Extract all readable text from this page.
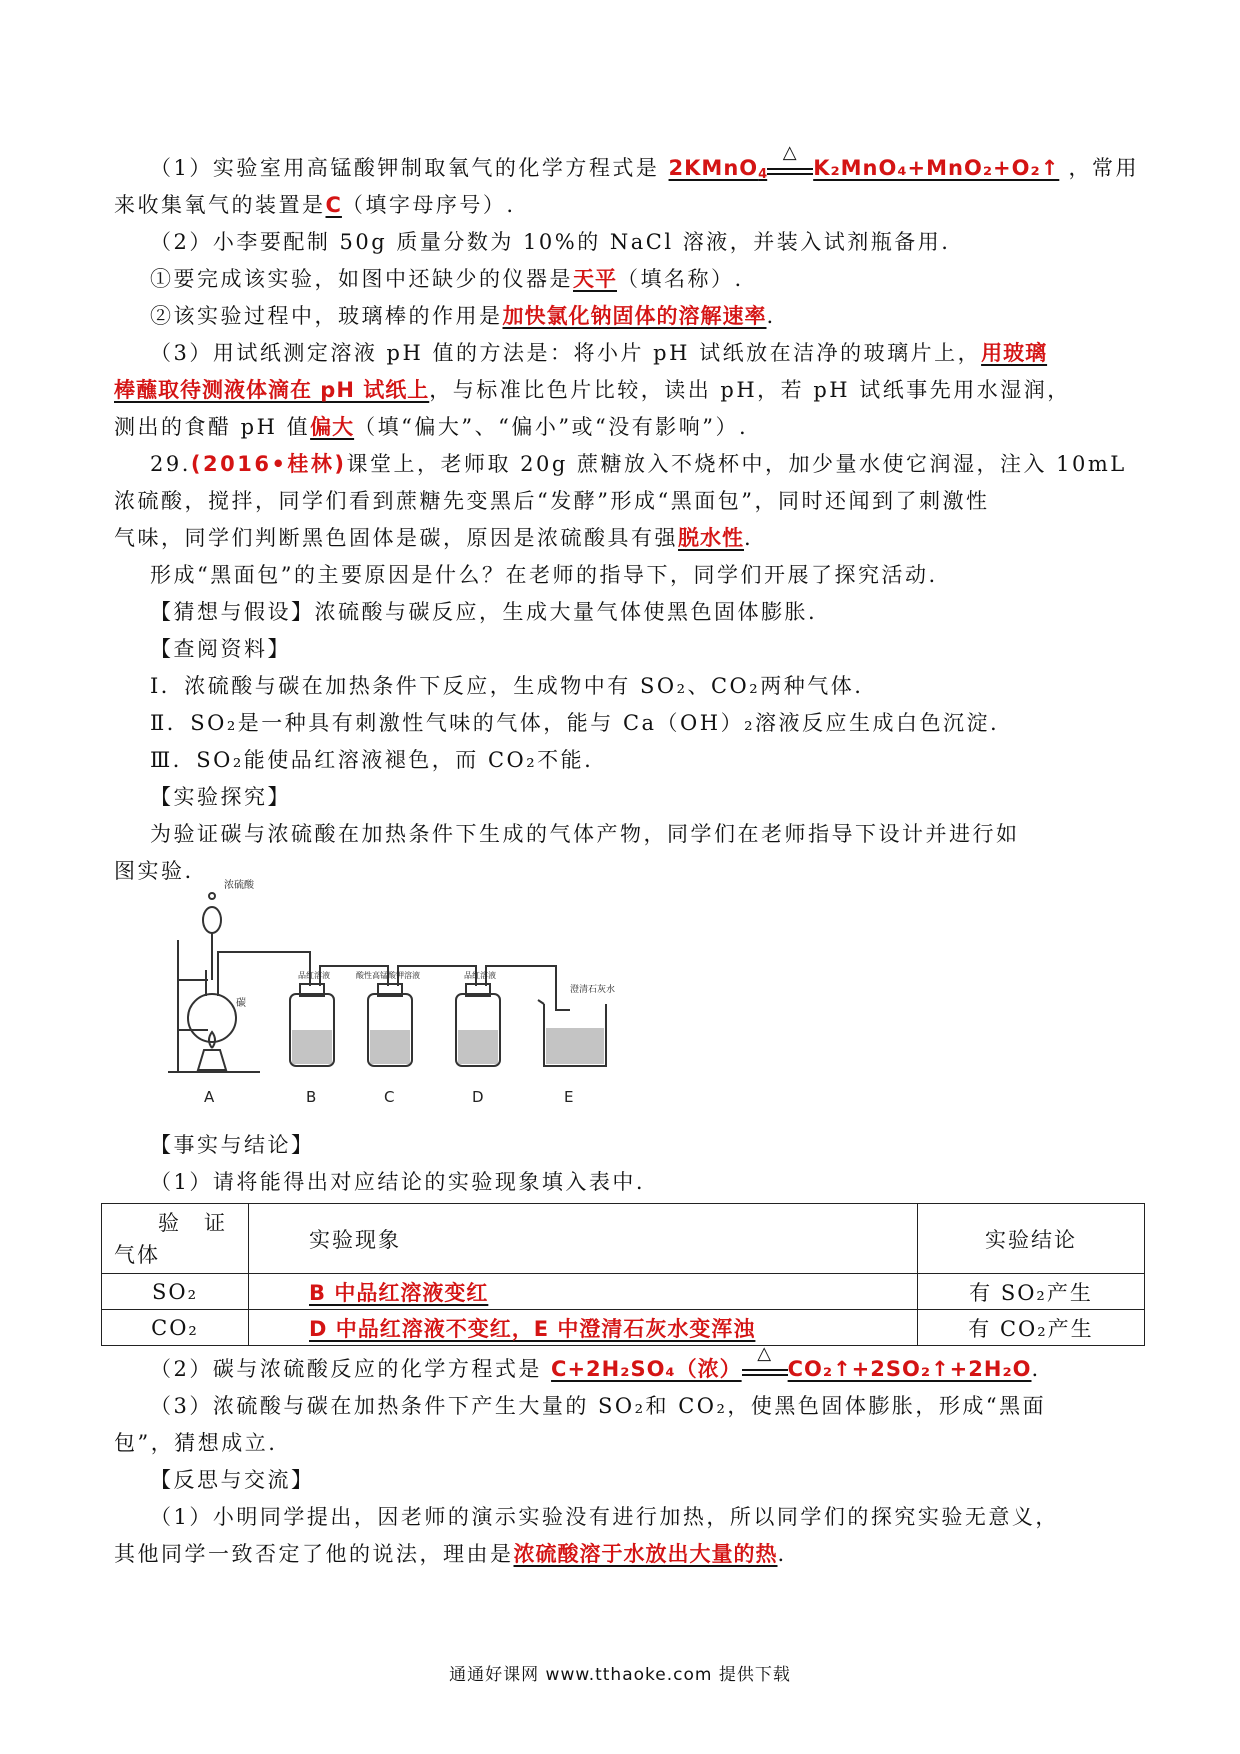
（1）实验室用高锰酸钾制取氧气的化学方程式是 2KMnO$_4$
△
K₂MnO₄+MnO₂+O₂↑ ，常用
来收集氧气的装置是C（填字母序号）.
（2）小李要配制 50g 质量分数为 10%的 NaCl 溶液，并装入试剂瓶备用.
①要完成该实验，如图中还缺少的仪器是天平（填名称）.
②该实验过程中，玻璃棒的作用是加快氯化钠固体的溶解速率.
（3）用试纸测定溶液 pH 值的方法是：将小片 pH 试纸放在洁净的玻璃片上，用玻璃
棒蘸取待测液体滴在 pH 试纸上，与标准比色片比较，读出 pH，若 pH 试纸事先用水湿润，
测出的食醋 pH 值偏大（填“偏大”、“偏小”或“没有影响”）.
29.(2016•桂林)课堂上，老师取 20g 蔗糖放入不烧杯中，加少量水使它润湿，注入 10mL
浓硫酸，搅拌，同学们看到蔗糖先变黑后“发酵”形成“黑面包”，同时还闻到了刺激性
气味，同学们判断黑色固体是碳，原因是浓硫酸具有强脱水性.
形成“黑面包”的主要原因是什么？在老师的指导下，同学们开展了探究活动.
【猜想与假设】浓硫酸与碳反应，生成大量气体使黑色固体膨胀.
【查阅资料】
Ⅰ．浓硫酸与碳在加热条件下反应，生成物中有 SO₂、CO₂两种气体.
Ⅱ．SO₂是一种具有刺激性气味的气体，能与 Ca（OH）₂溶液反应生成白色沉淀.
Ⅲ．SO₂能使品红溶液褪色，而 CO₂不能.
【实验探究】
为验证碳与浓硫酸在加热条件下生成的气体产物，同学们在老师指导下设计并进行如
图实验.
浓硫酸
碳
品红溶液	酸性高锰酸钾溶液	品红溶液
澄清石灰水
A	B	C	D	E
【事实与结论】
（1）请将能得出对应结论的实验现象填入表中.
验　证
气体	实验现象	实验结论
SO₂	B 中品红溶液变红	有 SO₂产生
CO₂	D 中品红溶液不变红，E 中澄清石灰水变浑浊	有 CO₂产生
（2）碳与浓硫酸反应的化学方程式是 C+2H₂SO₄（浓）
△
CO₂↑+2SO₂↑+2H₂O.
（3）浓硫酸与碳在加热条件下产生大量的 SO₂和 CO₂，使黑色固体膨胀，形成“黑面
包”，猜想成立.
【反思与交流】
（1）小明同学提出，因老师的演示实验没有进行加热，所以同学们的探究实验无意义，
其他同学一致否定了他的说法，理由是浓硫酸溶于水放出大量的热.
通通好课网 www.tthaoke.com 提供下载
